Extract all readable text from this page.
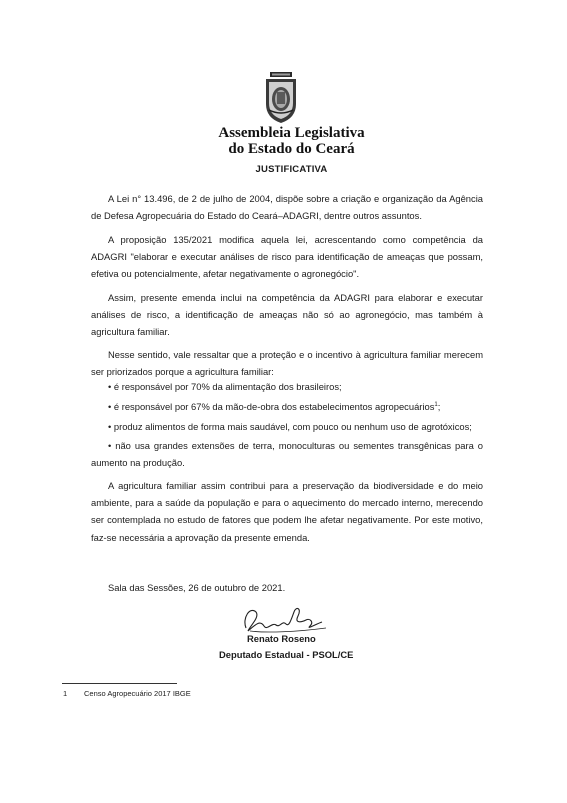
Assembleia Legislativa
do Estado do Ceará
JUSTIFICATIVA

A Lei n° 13.496, de 2 de julho de 2004, dispõe sobre a criação e organização da Agência de Defesa Agropecuária do Estado do Ceará–ADAGRI, dentre outros assuntos.

A proposição 135/2021 modifica aquela lei, acrescentando como competência da ADAGRI "elaborar e executar análises de risco para identificação de ameaças que possam, efetiva ou potencialmente, afetar negativamente o agronegócio".

Assim, presente emenda inclui na competência da ADAGRI para elaborar e executar análises de risco, a identificação de ameaças não só ao agronegócio, mas também à agricultura familiar.

Nesse sentido, vale ressaltar que a proteção e o incentivo à agricultura familiar merecem ser priorizados porque a agricultura familiar:

• é responsável por 70% da alimentação dos brasileiros;
• é responsável por 67% da mão-de-obra dos estabelecimentos agropecuários$^1$;
• produz alimentos de forma mais saudável, com pouco ou nenhum uso de agrotóxicos;
• não usa grandes extensões de terra, monoculturas ou sementes transgênicas para o aumento na produção.

A agricultura familiar assim contribui para a preservação da biodiversidade e do meio ambiente, para a saúde da população e para o aquecimento do mercado interno, merecendo ser contemplada no estudo de fatores que podem lhe afetar negativamente. Por este motivo, faz-se necessária a aprovação da presente emenda.

Sala das Sessões, 26 de outubro de 2021.
Renato Roseno
Deputado Estadual - PSOL/CE
1 Censo Agropecuário 2017 IBGE
